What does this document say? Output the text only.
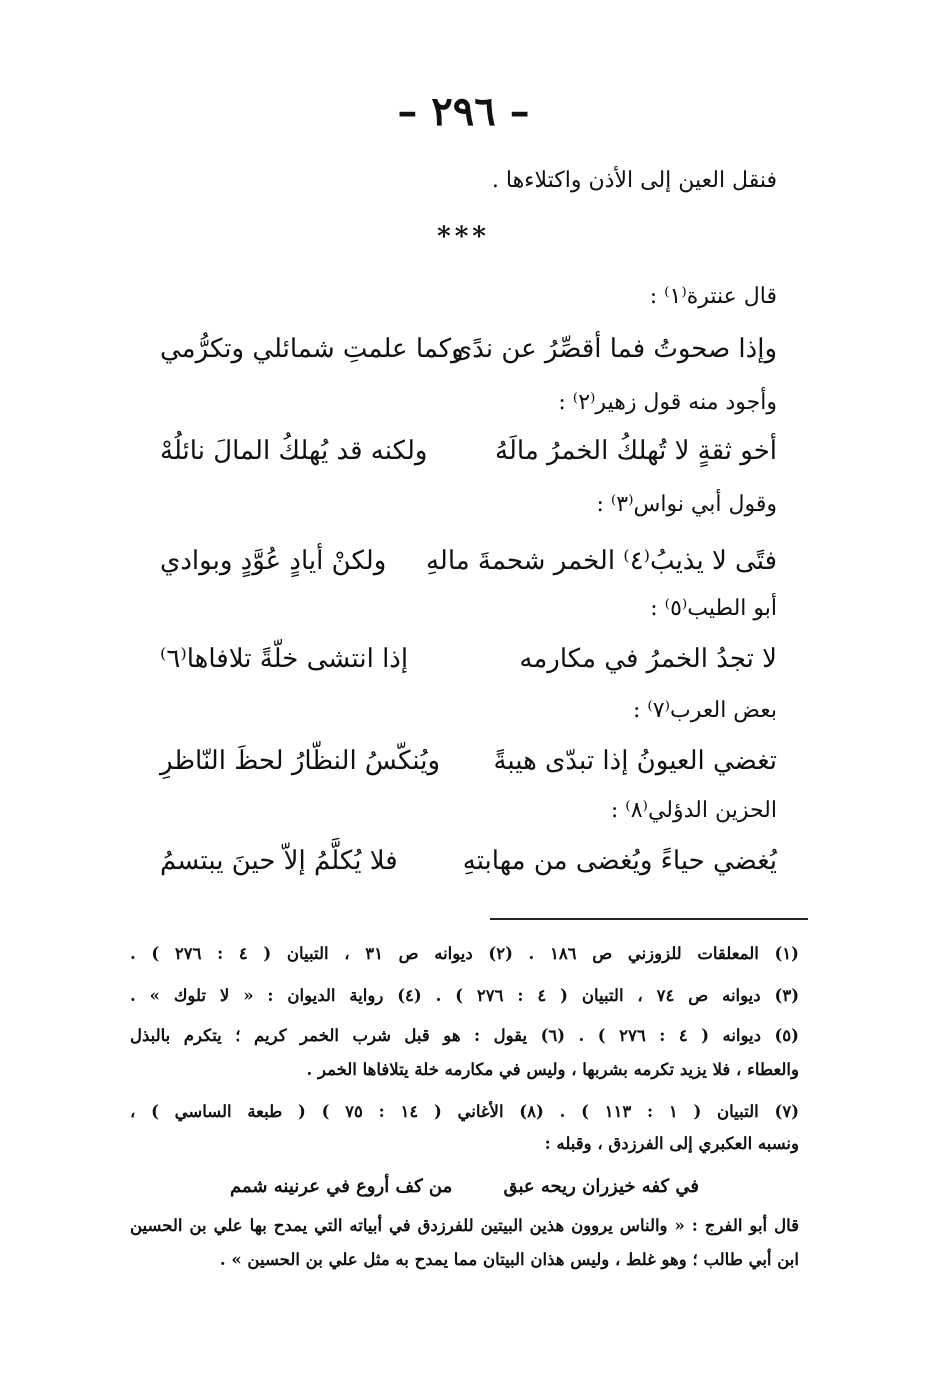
– ٢٩٦ –
فنقل العين إلى الأذن واكتلاءها .
***
قال عنترة⁽١⁾ :
وإذا صحوتُ فما أقصِّرُ عن ندًى
وكما علمتِ شمائلي وتكرُّمي
وأجود منه قول زهير⁽٢⁾ :
أخو ثقةٍ لا تُهلكُ الخمرُ مالَهُ
ولكنه قد يُهلكُ المالَ نائلُهْ
وقول أبي نواس⁽٣⁾ :
فتًى لا يذيبُ⁽٤⁾ الخمر شحمةَ مالهِ
ولكنْ أيادٍ عُوَّدٍ وبوادي
أبو الطيب⁽٥⁾ :
لا تجدُ الخمرُ في مكارمه
إذا انتشى خلّةً تلافاها⁽٦⁾
بعض العرب⁽٧⁾ :
تغضي العيونُ إذا تبدّى هيبةً
ويُنكّسُ النظّارُ لحظَ النّاظرِ
الحزين الدؤلي⁽٨⁾ :
يُغضي حياءً ويُغضى من مهابتهِ
فلا يُكلَّمُ إلاّ حينَ يبتسمُ
(١) المعلقات للزوزني ص ١٨٦ . (٢) ديوانه ص ٣١ ، التبيان ( ٤ : ٢٧٦ ) .
(٣) ديوانه ص ٧٤ ، التبيان ( ٤ : ٢٧٦ ) . (٤) رواية الديوان : « لا تلوك » .
(٥) ديوانه ( ٤ : ٢٧٦ ) . (٦) يقول : هو قبل شرب الخمر كريم ؛ يتكرم بالبذل
والعطاء ، فلا يزيد تكرمه بشربها ، وليس في مكارمه خلة يتلافاها الخمر .
(٧) التبيان ( ١ : ١١٣ ) . (٨) الأغاني ( ١٤ : ٧٥ ) ( طبعة الساسي ) ،
ونسبه العكبري إلى الفرزدق ، وقبله :
في كفه خيزران ريحه عبق
من كف أروع في عرنينه شمم
قال أبو الفرج : « والناس يروون هذين البيتين للفرزدق في أبياته التي يمدح بها علي بن الحسين
ابن أبي طالب ؛ وهو غلط ، وليس هذان البيتان مما يمدح به مثل علي بن الحسين » .
